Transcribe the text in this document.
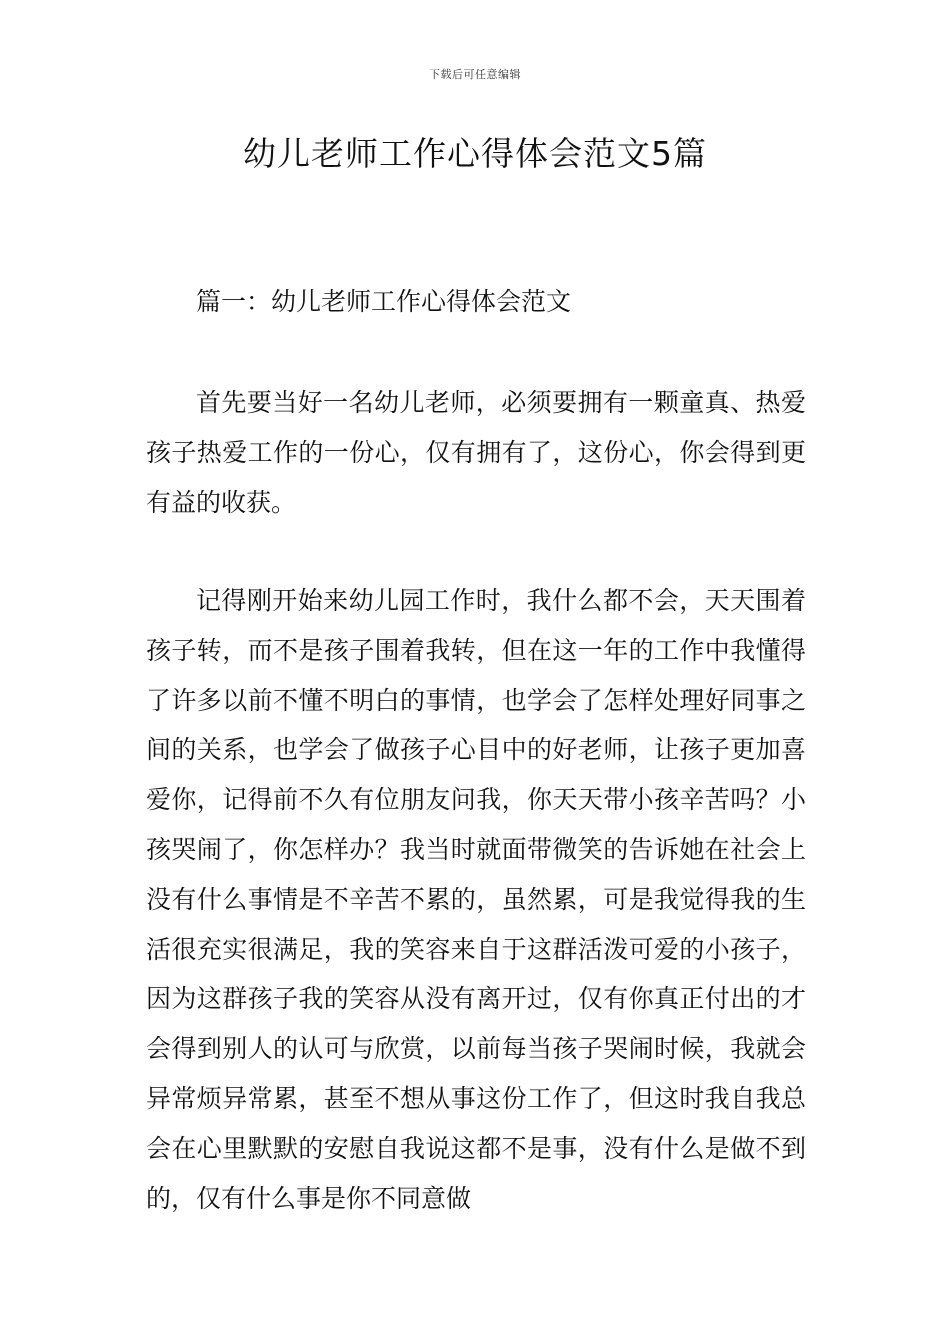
下载后可任意编辑
幼儿老师工作心得体会范文5篇
篇一：幼儿老师工作心得体会范文

首先要当好一名幼儿老师，必须要拥有一颗童真、热爱孩子热爱工作的一份心，仅有拥有了，这份心，你会得到更有益的收获。

记得刚开始来幼儿园工作时，我什么都不会，天天围着孩子转，而不是孩子围着我转，但在这一年的工作中我懂得了许多以前不懂不明白的事情，也学会了怎样处理好同事之间的关系，也学会了做孩子心目中的好老师，让孩子更加喜爱你，记得前不久有位朋友问我，你天天带小孩辛苦吗？小孩哭闹了，你怎样办？我当时就面带微笑的告诉她在社会上没有什么事情是不辛苦不累的，虽然累，可是我觉得我的生活很充实很满足，我的笑容来自于这群活泼可爱的小孩子，因为这群孩子我的笑容从没有离开过，仅有你真正付出的才会得到别人的认可与欣赏，以前每当孩子哭闹时候，我就会异常烦异常累，甚至不想从事这份工作了，但这时我自我总会在心里默默的安慰自我说这都不是事，没有什么是做不到的，仅有什么事是你不同意做
